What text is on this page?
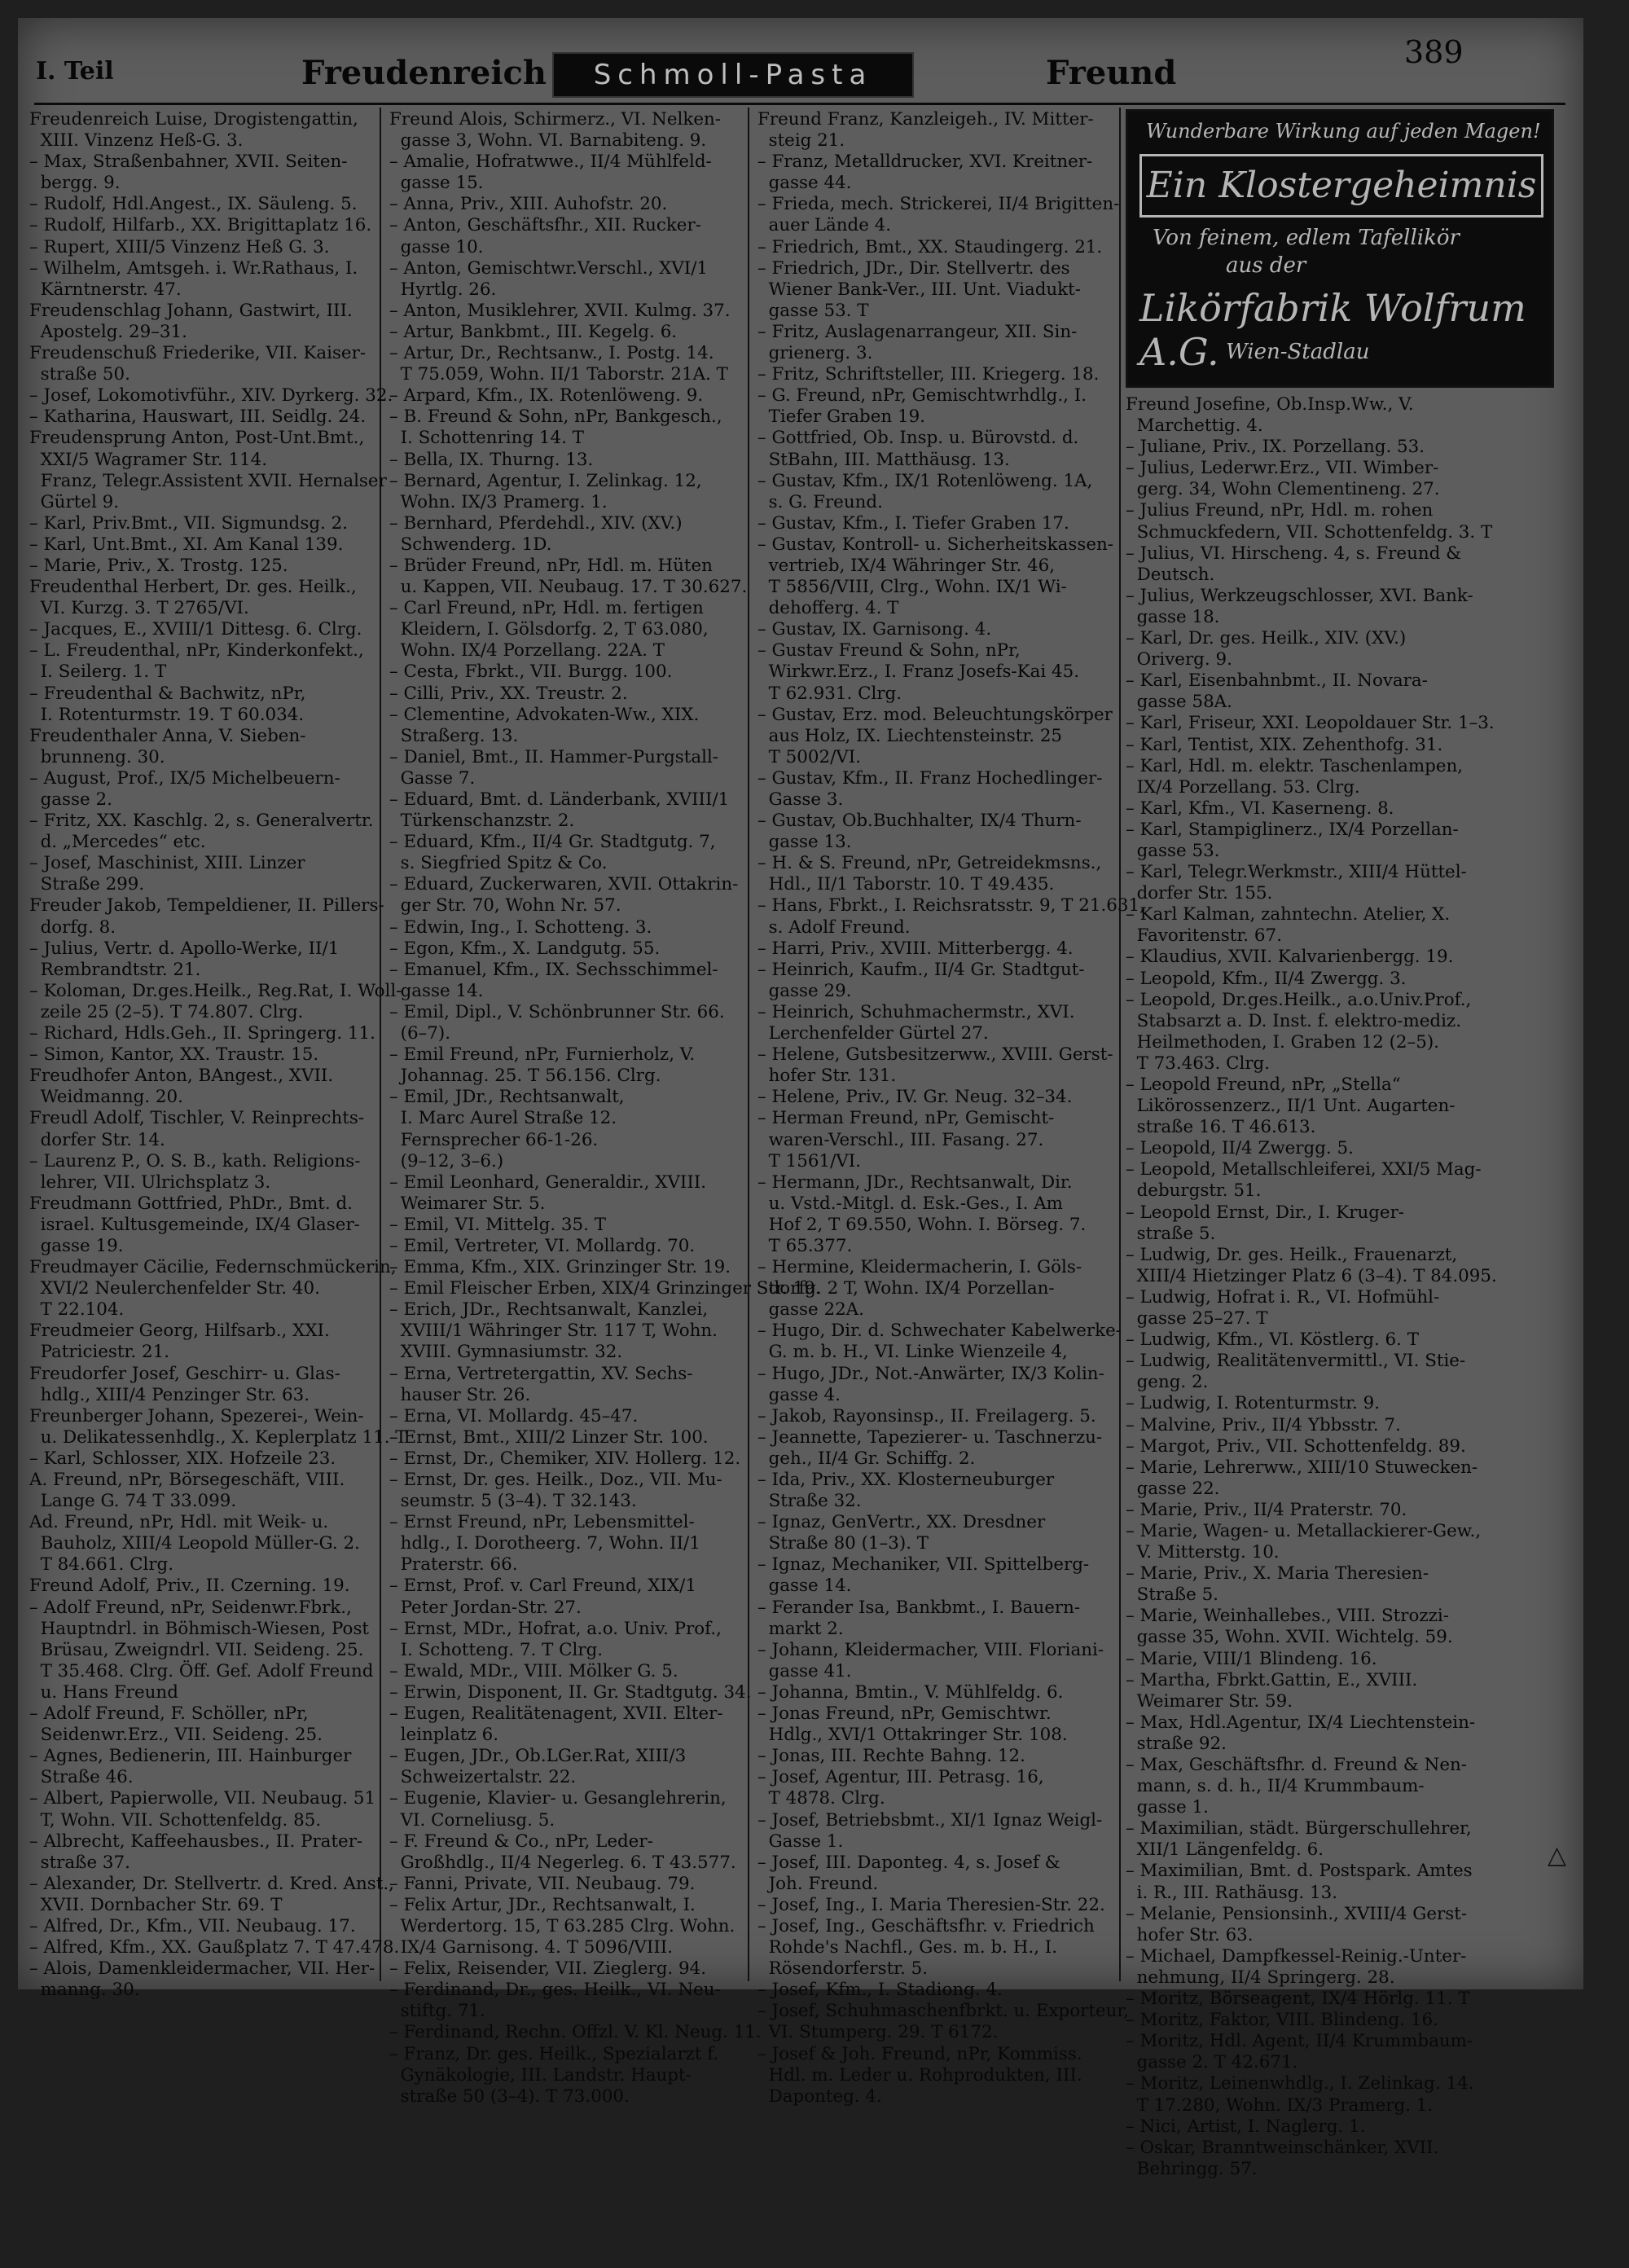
I. Teil	Freudenreich	Schmoll-Pasta	Freund
389
Freudenreich Luise, Drogistengattin,
XIII. Vinzenz Heß-G. 3.
– Max, Straßenbahner, XVII. Seiten-
bergg. 9.
– Rudolf, Hdl.Angest., IX. Säuleng. 5.
– Rudolf, Hilfarb., XX. Brigittaplatz 16.
– Rupert, XIII/5 Vinzenz Heß G. 3.
– Wilhelm, Amtsgeh. i. Wr.Rathaus, I.
Kärntnerstr. 47.
Freudenschlag Johann, Gastwirt, III.
Apostelg. 29–31.
Freudenschuß Friederike, VII. Kaiser-
straße 50.
– Josef, Lokomotivführ., XIV. Dyrkerg. 32.
– Katharina, Hauswart, III. Seidlg. 24.
Freudensprung Anton, Post-Unt.Bmt.,
XXI/5 Wagramer Str. 114.
Franz, Telegr.Assistent XVII. Hernalser
Gürtel 9.
– Karl, Priv.Bmt., VII. Sigmundsg. 2.
– Karl, Unt.Bmt., XI. Am Kanal 139.
– Marie, Priv., X. Trostg. 125.
Freudenthal Herbert, Dr. ges. Heilk.,
VI. Kurzg. 3. T 2765/VI.
– Jacques, E., XVIII/1 Dittesg. 6. Clrg.
– L. Freudenthal, nPr, Kinderkonfekt.,
I. Seilerg. 1. T
– Freudenthal & Bachwitz, nPr,
I. Rotenturmstr. 19. T 60.034.
Freudenthaler Anna, V. Sieben-
brunneng. 30.
– August, Prof., IX/5 Michelbeuern-
gasse 2.
– Fritz, XX. Kaschlg. 2, s. Generalvertr.
d. „Mercedes“ etc.
– Josef, Maschinist, XIII. Linzer
Straße 299.
Freuder Jakob, Tempeldiener, II. Pillers-
dorfg. 8.
– Julius, Vertr. d. Apollo-Werke, II/1
Rembrandtstr. 21.
– Koloman, Dr.ges.Heilk., Reg.Rat, I. Woll-
zeile 25 (2–5). T 74.807. Clrg.
– Richard, Hdls.Geh., II. Springerg. 11.
– Simon, Kantor, XX. Traustr. 15.
Freudhofer Anton, BAngest., XVII.
Weidmanng. 20.
Freudl Adolf, Tischler, V. Reinprechts-
dorfer Str. 14.
– Laurenz P., O. S. B., kath. Religions-
lehrer, VII. Ulrichsplatz 3.
Freudmann Gottfried, PhDr., Bmt. d.
israel. Kultusgemeinde, IX/4 Glaser-
gasse 19.
Freudmayer Cäcilie, Federnschmückerin,
XVI/2 Neulerchenfelder Str. 40.
T 22.104.
Freudmeier Georg, Hilfsarb., XXI.
Patriciestr. 21.
Freudorfer Josef, Geschirr- u. Glas-
hdlg., XIII/4 Penzinger Str. 63.
Freunberger Johann, Spezerei-, Wein-
u. Delikatessenhdlg., X. Keplerplatz 11. T
– Karl, Schlosser, XIX. Hofzeile 23.
A. Freund, nPr, Börsegeschäft, VIII.
Lange G. 74 T 33.099.
Ad. Freund, nPr, Hdl. mit Weik- u.
Bauholz, XIII/4 Leopold Müller-G. 2.
T 84.661. Clrg.
Freund Adolf, Priv., II. Czerning. 19.
– Adolf Freund, nPr, Seidenwr.Fbrk.,
Hauptndrl. in Böhmisch-Wiesen, Post
Brüsau, Zweigndrl. VII. Seideng. 25.
T 35.468. Clrg. Öff. Gef. Adolf Freund
u. Hans Freund
– Adolf Freund, F. Schöller, nPr,
Seidenwr.Erz., VII. Seideng. 25.
– Agnes, Bedienerin, III. Hainburger
Straße 46.
– Albert, Papierwolle, VII. Neubaug. 51
T, Wohn. VII. Schottenfeldg. 85.
– Albrecht, Kaffeehausbes., II. Prater-
straße 37.
– Alexander, Dr. Stellvertr. d. Kred. Anst.,
XVII. Dornbacher Str. 69. T
– Alfred, Dr., Kfm., VII. Neubaug. 17.
– Alfred, Kfm., XX. Gaußplatz 7. T 47.478.
– Alois, Damenkleidermacher, VII. Her-
manng. 30.
Freund Alois, Schirmerz., VI. Nelken-
gasse 3, Wohn. VI. Barnabiteng. 9.
– Amalie, Hofratwwe., II/4 Mühlfeld-
gasse 15.
– Anna, Priv., XIII. Auhofstr. 20.
– Anton, Geschäftsfhr., XII. Rucker-
gasse 10.
– Anton, Gemischtwr.Verschl., XVI/1
Hyrtlg. 26.
– Anton, Musiklehrer, XVII. Kulmg. 37.
– Artur, Bankbmt., III. Kegelg. 6.
– Artur, Dr., Rechtsanw., I. Postg. 14.
T 75.059, Wohn. II/1 Taborstr. 21A. T
– Arpard, Kfm., IX. Rotenlöweng. 9.
– B. Freund & Sohn, nPr, Bankgesch.,
I. Schottenring 14. T
– Bella, IX. Thurng. 13.
– Bernard, Agentur, I. Zelinkag. 12,
Wohn. IX/3 Pramerg. 1.
– Bernhard, Pferdehdl., XIV. (XV.)
Schwenderg. 1D.
– Brüder Freund, nPr, Hdl. m. Hüten
u. Kappen, VII. Neubaug. 17. T 30.627.
– Carl Freund, nPr, Hdl. m. fertigen
Kleidern, I. Gölsdorfg. 2, T 63.080,
Wohn. IX/4 Porzellang. 22A. T
– Cesta, Fbrkt., VII. Burgg. 100.
– Cilli, Priv., XX. Treustr. 2.
– Clementine, Advokaten-Ww., XIX.
Straßerg. 13.
– Daniel, Bmt., II. Hammer-Purgstall-
Gasse 7.
– Eduard, Bmt. d. Länderbank, XVIII/1
Türkenschanzstr. 2.
– Eduard, Kfm., II/4 Gr. Stadtgutg. 7,
s. Siegfried Spitz & Co.
– Eduard, Zuckerwaren, XVII. Ottakrin-
ger Str. 70, Wohn Nr. 57.
– Edwin, Ing., I. Schotteng. 3.
– Egon, Kfm., X. Landgutg. 55.
– Emanuel, Kfm., IX. Sechsschimmel-
gasse 14.
– Emil, Dipl., V. Schönbrunner Str. 66.
(6–7).
– Emil Freund, nPr, Furnierholz, V.
Johannag. 25. T 56.156. Clrg.
– Emil, JDr., Rechtsanwalt,
I. Marc Aurel Straße 12.
Fernsprecher 66-1-26.
(9–12, 3–6.)
– Emil Leonhard, Generaldir., XVIII.
Weimarer Str. 5.
– Emil, VI. Mittelg. 35. T
– Emil, Vertreter, VI. Mollardg. 70.
– Emma, Kfm., XIX. Grinzinger Str. 19.
– Emil Fleischer Erben, XIX/4 Grinzinger Str. 19.
– Erich, JDr., Rechtsanwalt, Kanzlei,
XVIII/1 Währinger Str. 117 T, Wohn.
XVIII. Gymnasiumstr. 32.
– Erna, Vertretergattin, XV. Sechs-
hauser Str. 26.
– Erna, VI. Mollardg. 45–47.
– Ernst, Bmt., XIII/2 Linzer Str. 100.
– Ernst, Dr., Chemiker, XIV. Hollerg. 12.
– Ernst, Dr. ges. Heilk., Doz., VII. Mu-
seumstr. 5 (3–4). T 32.143.
– Ernst Freund, nPr, Lebensmittel-
hdlg., I. Dorotheerg. 7, Wohn. II/1
Praterstr. 66.
– Ernst, Prof. v. Carl Freund, XIX/1
Peter Jordan-Str. 27.
– Ernst, MDr., Hofrat, a.o. Univ. Prof.,
I. Schotteng. 7. T Clrg.
– Ewald, MDr., VIII. Mölker G. 5.
– Erwin, Disponent, II. Gr. Stadtgutg. 34.
– Eugen, Realitätenagent, XVII. Elter-
leinplatz 6.
– Eugen, JDr., Ob.LGer.Rat, XIII/3
Schweizertalstr. 22.
– Eugenie, Klavier- u. Gesanglehrerin,
VI. Corneliusg. 5.
– F. Freund & Co., nPr, Leder-
Großhdlg., II/4 Negerleg. 6. T 43.577.
– Fanni, Private, VII. Neubaug. 79.
– Felix Artur, JDr., Rechtsanwalt, I.
Werdertorg. 15, T 63.285 Clrg. Wohn.
IX/4 Garnisong. 4. T 5096/VIII.
– Felix, Reisender, VII. Zieglerg. 94.
– Ferdinand, Dr., ges. Heilk., VI. Neu-
stiftg. 71.
– Ferdinand, Rechn. Offzl. V. Kl. Neug. 11.
– Franz, Dr. ges. Heilk., Spezialarzt f.
Gynäkologie, III. Landstr. Haupt-
straße 50 (3–4). T 73.000.
Freund Franz, Kanzleigeh., IV. Mitter-
steig 21.
– Franz, Metalldrucker, XVI. Kreitner-
gasse 44.
– Frieda, mech. Strickerei, II/4 Brigitten-
auer Lände 4.
– Friedrich, Bmt., XX. Staudingerg. 21.
– Friedrich, JDr., Dir. Stellvertr. des
Wiener Bank-Ver., III. Unt. Viadukt-
gasse 53. T
– Fritz, Auslagenarrangeur, XII. Sin-
grienerg. 3.
– Fritz, Schriftsteller, III. Kriegerg. 18.
– G. Freund, nPr, Gemischtwrhdlg., I.
Tiefer Graben 19.
– Gottfried, Ob. Insp. u. Bürovstd. d.
StBahn, III. Matthäusg. 13.
– Gustav, Kfm., IX/1 Rotenlöweng. 1A,
s. G. Freund.
– Gustav, Kfm., I. Tiefer Graben 17.
– Gustav, Kontroll- u. Sicherheitskassen-
vertrieb, IX/4 Währinger Str. 46,
T 5856/VIII, Clrg., Wohn. IX/1 Wi-
dehofferg. 4. T
– Gustav, IX. Garnisong. 4.
– Gustav Freund & Sohn, nPr,
Wirkwr.Erz., I. Franz Josefs-Kai 45.
T 62.931. Clrg.
– Gustav, Erz. mod. Beleuchtungskörper
aus Holz, IX. Liechtensteinstr. 25
T 5002/VI.
– Gustav, Kfm., II. Franz Hochedlinger-
Gasse 3.
– Gustav, Ob.Buchhalter, IX/4 Thurn-
gasse 13.
– H. & S. Freund, nPr, Getreidekmsns.,
Hdl., II/1 Taborstr. 10. T 49.435.
– Hans, Fbrkt., I. Reichsratsstr. 9, T 21.631,
s. Adolf Freund.
– Harri, Priv., XVIII. Mitterbergg. 4.
– Heinrich, Kaufm., II/4 Gr. Stadtgut-
gasse 29.
– Heinrich, Schuhmachermstr., XVI.
Lerchenfelder Gürtel 27.
– Helene, Gutsbesitzerww., XVIII. Gerst-
hofer Str. 131.
– Helene, Priv., IV. Gr. Neug. 32–34.
– Herman Freund, nPr, Gemischt-
waren-Verschl., III. Fasang. 27.
T 1561/VI.
– Hermann, JDr., Rechtsanwalt, Dir.
u. Vstd.-Mitgl. d. Esk.-Ges., I. Am
Hof 2, T 69.550, Wohn. I. Börseg. 7.
T 65.377.
– Hermine, Kleidermacherin, I. Göls-
dorfg. 2 T, Wohn. IX/4 Porzellan-
gasse 22A.
– Hugo, Dir. d. Schwechater Kabelwerke-
G. m. b. H., VI. Linke Wienzeile 4,
– Hugo, JDr., Not.-Anwärter, IX/3 Kolin-
gasse 4.
– Jakob, Rayonsinsp., II. Freilagerg. 5.
– Jeannette, Tapezierer- u. Taschnerzu-
geh., II/4 Gr. Schiffg. 2.
– Ida, Priv., XX. Klosterneuburger
Straße 32.
– Ignaz, GenVertr., XX. Dresdner
Straße 80 (1–3). T
– Ignaz, Mechaniker, VII. Spittelberg-
gasse 14.
– Ferander Isa, Bankbmt., I. Bauern-
markt 2.
– Johann, Kleidermacher, VIII. Floriani-
gasse 41.
– Johanna, Bmtin., V. Mühlfeldg. 6.
– Jonas Freund, nPr, Gemischtwr.
Hdlg., XVI/1 Ottakringer Str. 108.
– Jonas, III. Rechte Bahng. 12.
– Josef, Agentur, III. Petrasg. 16,
T 4878. Clrg.
– Josef, Betriebsbmt., XI/1 Ignaz Weigl-
Gasse 1.
– Josef, III. Daponteg. 4, s. Josef &
Joh. Freund.
– Josef, Ing., I. Maria Theresien-Str. 22.
– Josef, Ing., Geschäftsfhr. v. Friedrich
Rohde's Nachfl., Ges. m. b. H., I.
Rösendorferstr. 5.
– Josef, Kfm., I. Stadiong. 4.
– Josef, Schuhmaschenfbrkt. u. Exporteur,
VI. Stumperg. 29. T 6172.
– Josef & Joh. Freund, nPr, Kommiss.
Hdl. m. Leder u. Rohprodukten, III.
Daponteg. 4.
Wunderbare Wirkung auf jeden Magen!
Ein Klostergeheimnis
Von feinem, edlem Tafellikör
aus der
Likörfabrik Wolfrum A.G. Wien-Stadlau
Freund Josefine, Ob.Insp.Ww., V.
Marchettig. 4.
– Juliane, Priv., IX. Porzellang. 53.
– Julius, Lederwr.Erz., VII. Wimber-
gerg. 34, Wohn Clementineng. 27.
– Julius Freund, nPr, Hdl. m. rohen
Schmuckfedern, VII. Schottenfeldg. 3. T
– Julius, VI. Hirscheng. 4, s. Freund &
Deutsch.
– Julius, Werkzeugschlosser, XVI. Bank-
gasse 18.
– Karl, Dr. ges. Heilk., XIV. (XV.)
Oriverg. 9.
– Karl, Eisenbahnbmt., II. Novara-
gasse 58A.
– Karl, Friseur, XXI. Leopoldauer Str. 1–3.
– Karl, Tentist, XIX. Zehenthofg. 31.
– Karl, Hdl. m. elektr. Taschenlampen,
IX/4 Porzellang. 53. Clrg.
– Karl, Kfm., VI. Kaserneng. 8.
– Karl, Stampiglinerz., IX/4 Porzellan-
gasse 53.
– Karl, Telegr.Werkmstr., XIII/4 Hüttel-
dorfer Str. 155.
– Karl Kalman, zahntechn. Atelier, X.
Favoritenstr. 67.
– Klaudius, XVII. Kalvarienbergg. 19.
– Leopold, Kfm., II/4 Zwergg. 3.
– Leopold, Dr.ges.Heilk., a.o.Univ.Prof.,
Stabsarzt a. D. Inst. f. elektro-mediz.
Heilmethoden, I. Graben 12 (2–5).
T 73.463. Clrg.
– Leopold Freund, nPr, „Stella“
Likörossenzerz., II/1 Unt. Augarten-
straße 16. T 46.613.
– Leopold, II/4 Zwergg. 5.
– Leopold, Metallschleiferei, XXI/5 Mag-
deburgstr. 51.
– Leopold Ernst, Dir., I. Kruger-
straße 5.
– Ludwig, Dr. ges. Heilk., Frauenarzt,
XIII/4 Hietzinger Platz 6 (3–4). T 84.095.
– Ludwig, Hofrat i. R., VI. Hofmühl-
gasse 25–27. T
– Ludwig, Kfm., VI. Köstlerg. 6. T
– Ludwig, Realitätenvermittl., VI. Stie-
geng. 2.
– Ludwig, I. Rotenturmstr. 9.
– Malvine, Priv., II/4 Ybbsstr. 7.
– Margot, Priv., VII. Schottenfeldg. 89.
– Marie, Lehrerww., XIII/10 Stuwecken-
gasse 22.
– Marie, Priv., II/4 Praterstr. 70.
– Marie, Wagen- u. Metallackierer-Gew.,
V. Mitterstg. 10.
– Marie, Priv., X. Maria Theresien-
Straße 5.
– Marie, Weinhallebes., VIII. Strozzi-
gasse 35, Wohn. XVII. Wichtelg. 59.
– Marie, VIII/1 Blindeng. 16.
– Martha, Fbrkt.Gattin, E., XVIII.
Weimarer Str. 59.
– Max, Hdl.Agentur, IX/4 Liechtenstein-
straße 92.
– Max, Geschäftsfhr. d. Freund & Nen-
mann, s. d. h., II/4 Krummbaum-
gasse 1.
– Maximilian, städt. Bürgerschullehrer,
XII/1 Längenfeldg. 6.
– Maximilian, Bmt. d. Postspark. Amtes
i. R., III. Rathäusg. 13.
– Melanie, Pensionsinh., XVIII/4 Gerst-
hofer Str. 63.
– Michael, Dampfkessel-Reinig.-Unter-
nehmung, II/4 Springerg. 28.
– Moritz, Börseagent, IX/4 Hörlg. 11. T
– Moritz, Faktor, VIII. Blindeng. 16.
– Moritz, Hdl. Agent, II/4 Krummbaum-
gasse 2. T 42.671.
– Moritz, Leinenwhdlg., I. Zelinkag. 14.
T 17.280, Wohn. IX/3 Pramerg. 1.
– Nici, Artist, I. Naglerg. 1.
– Oskar, Branntweinschänker, XVII.
Behringg. 57.
△
